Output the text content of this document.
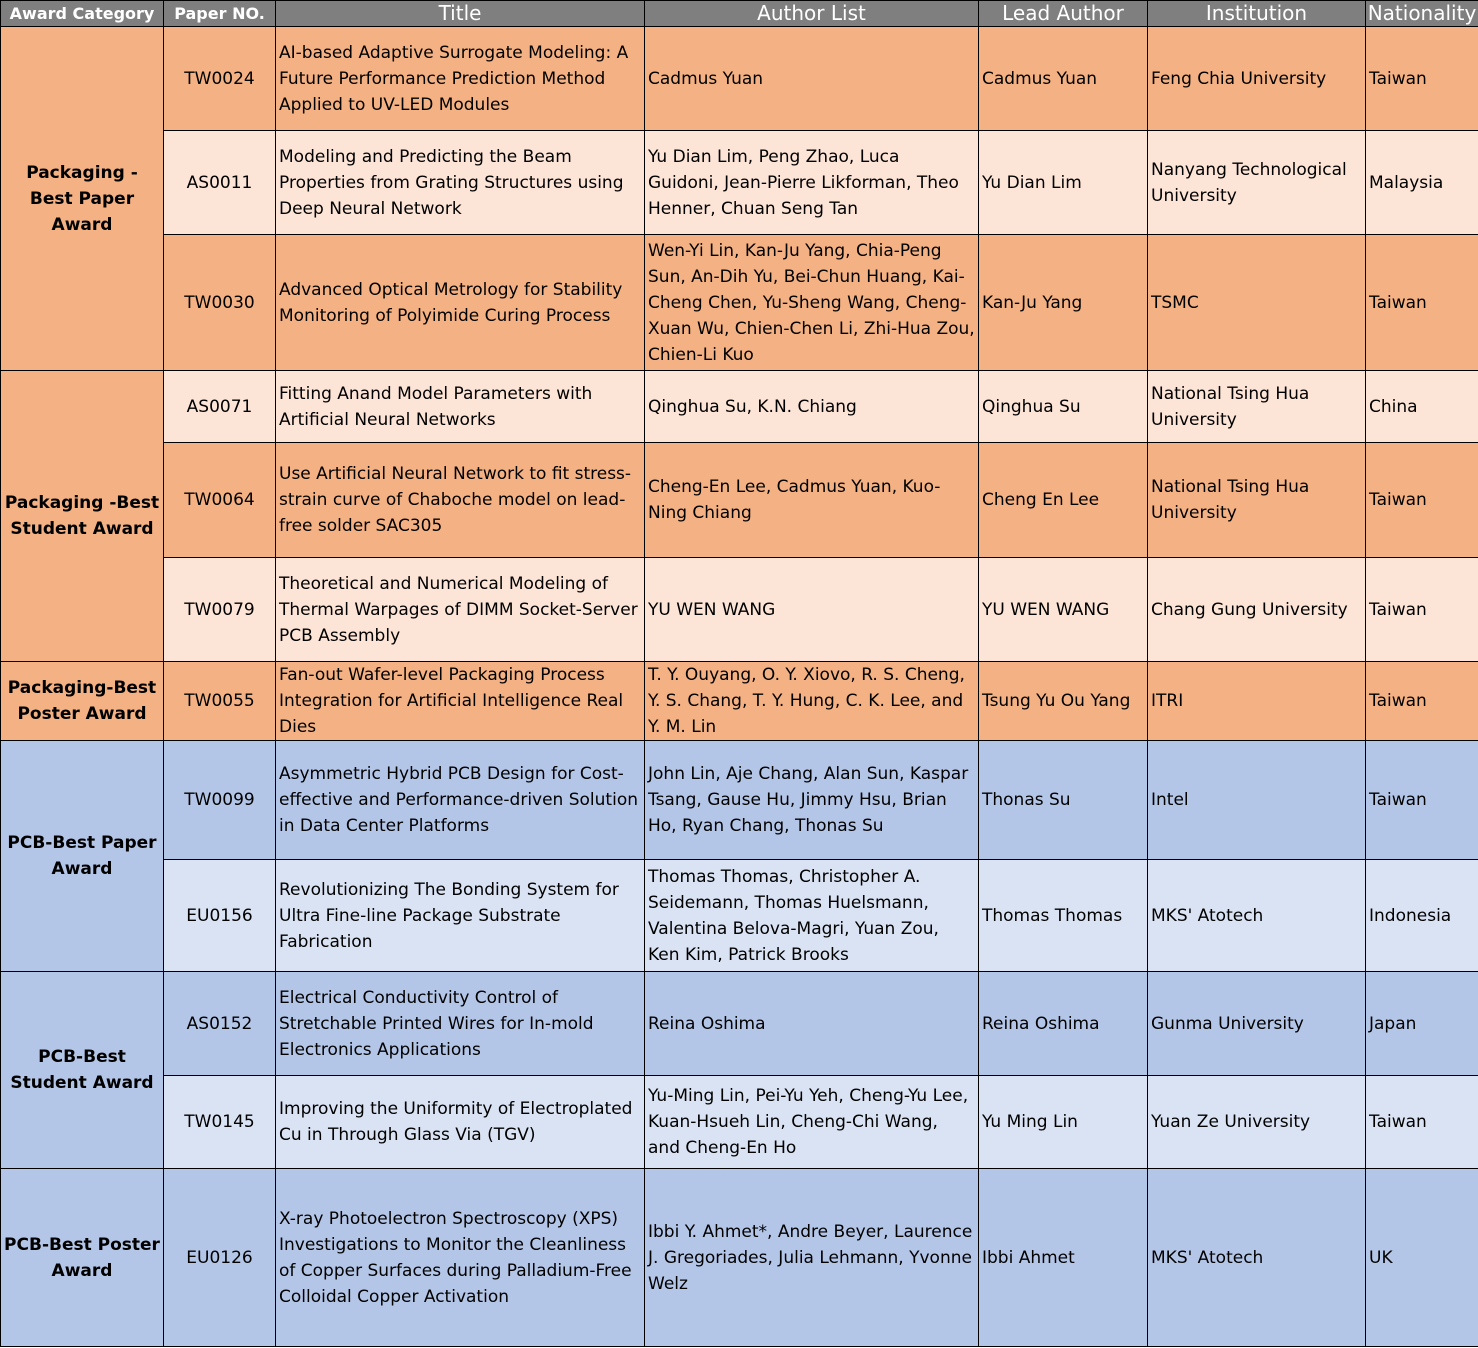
Award Category	Paper NO.	Title	Author List	Lead Author	Institution	Nationality
Packaging - Best Paper Award	TW0024	AI-based Adaptive Surrogate Modeling: A Future Performance Prediction Method Applied to UV-LED Modules	Cadmus Yuan	Cadmus Yuan	Feng Chia University	Taiwan
	AS0011	Modeling and Predicting the Beam Properties from Grating Structures using Deep Neural Network	Yu Dian Lim, Peng Zhao, Luca Guidoni, Jean-Pierre Likforman, Theo Henner, Chuan Seng Tan	Yu Dian Lim	Nanyang Technological University	Malaysia
	TW0030	Advanced Optical Metrology for Stability Monitoring of Polyimide Curing Process	Wen-Yi Lin, Kan-Ju Yang, Chia-Peng Sun, An-Dih Yu, Bei-Chun Huang, Kai-Cheng Chen, Yu-Sheng Wang, Cheng-Xuan Wu, Chien-Chen Li, Zhi-Hua Zou, Chien-Li Kuo	Kan-Ju Yang	TSMC	Taiwan
Packaging -Best Student Award	AS0071	Fitting Anand Model Parameters with Artificial Neural Networks	Qinghua Su, K.N. Chiang	Qinghua Su	National Tsing Hua University	China
	TW0064	Use Artificial Neural Network to fit stress-strain curve of Chaboche model on lead-free solder SAC305	Cheng-En Lee, Cadmus Yuan, Kuo-Ning Chiang	Cheng En Lee	National Tsing Hua University	Taiwan
	TW0079	Theoretical and Numerical Modeling of Thermal Warpages of DIMM Socket-Server PCB Assembly	YU WEN WANG	YU WEN WANG	Chang Gung University	Taiwan
Packaging-Best Poster Award	TW0055	Fan-out Wafer-level Packaging Process Integration for Artificial Intelligence Real Dies	T. Y. Ouyang, O. Y. Xiovo, R. S. Cheng, Y. S. Chang, T. Y. Hung, C. K. Lee, and Y. M. Lin	Tsung Yu Ou Yang	ITRI	Taiwan
PCB-Best Paper Award	TW0099	Asymmetric Hybrid PCB Design for Cost-effective and Performance-driven Solution in Data Center Platforms	John Lin, Aje Chang, Alan Sun, Kaspar Tsang, Gause Hu, Jimmy Hsu, Brian Ho, Ryan Chang, Thonas Su	Thonas Su	Intel	Taiwan
	EU0156	Revolutionizing The Bonding System for Ultra Fine-line Package Substrate Fabrication	Thomas Thomas, Christopher A. Seidemann, Thomas Huelsmann, Valentina Belova-Magri, Yuan Zou, Ken Kim, Patrick Brooks	Thomas Thomas	MKS' Atotech	Indonesia
PCB-Best Student Award	AS0152	Electrical Conductivity Control of Stretchable Printed Wires for In-mold Electronics Applications	Reina Oshima	Reina Oshima	Gunma University	Japan
	TW0145	Improving the Uniformity of Electroplated Cu in Through Glass Via (TGV)	Yu-Ming Lin, Pei-Yu Yeh, Cheng-Yu Lee, Kuan-Hsueh Lin, Cheng-Chi Wang, and Cheng-En Ho	Yu Ming Lin	Yuan Ze University	Taiwan
PCB-Best Poster Award	EU0126	X-ray Photoelectron Spectroscopy (XPS) Investigations to Monitor the Cleanliness of Copper Surfaces during Palladium-Free Colloidal Copper Activation	Ibbi Y. Ahmet*, Andre Beyer, Laurence J. Gregoriades, Julia Lehmann, Yvonne Welz	Ibbi Ahmet	MKS' Atotech	UK
